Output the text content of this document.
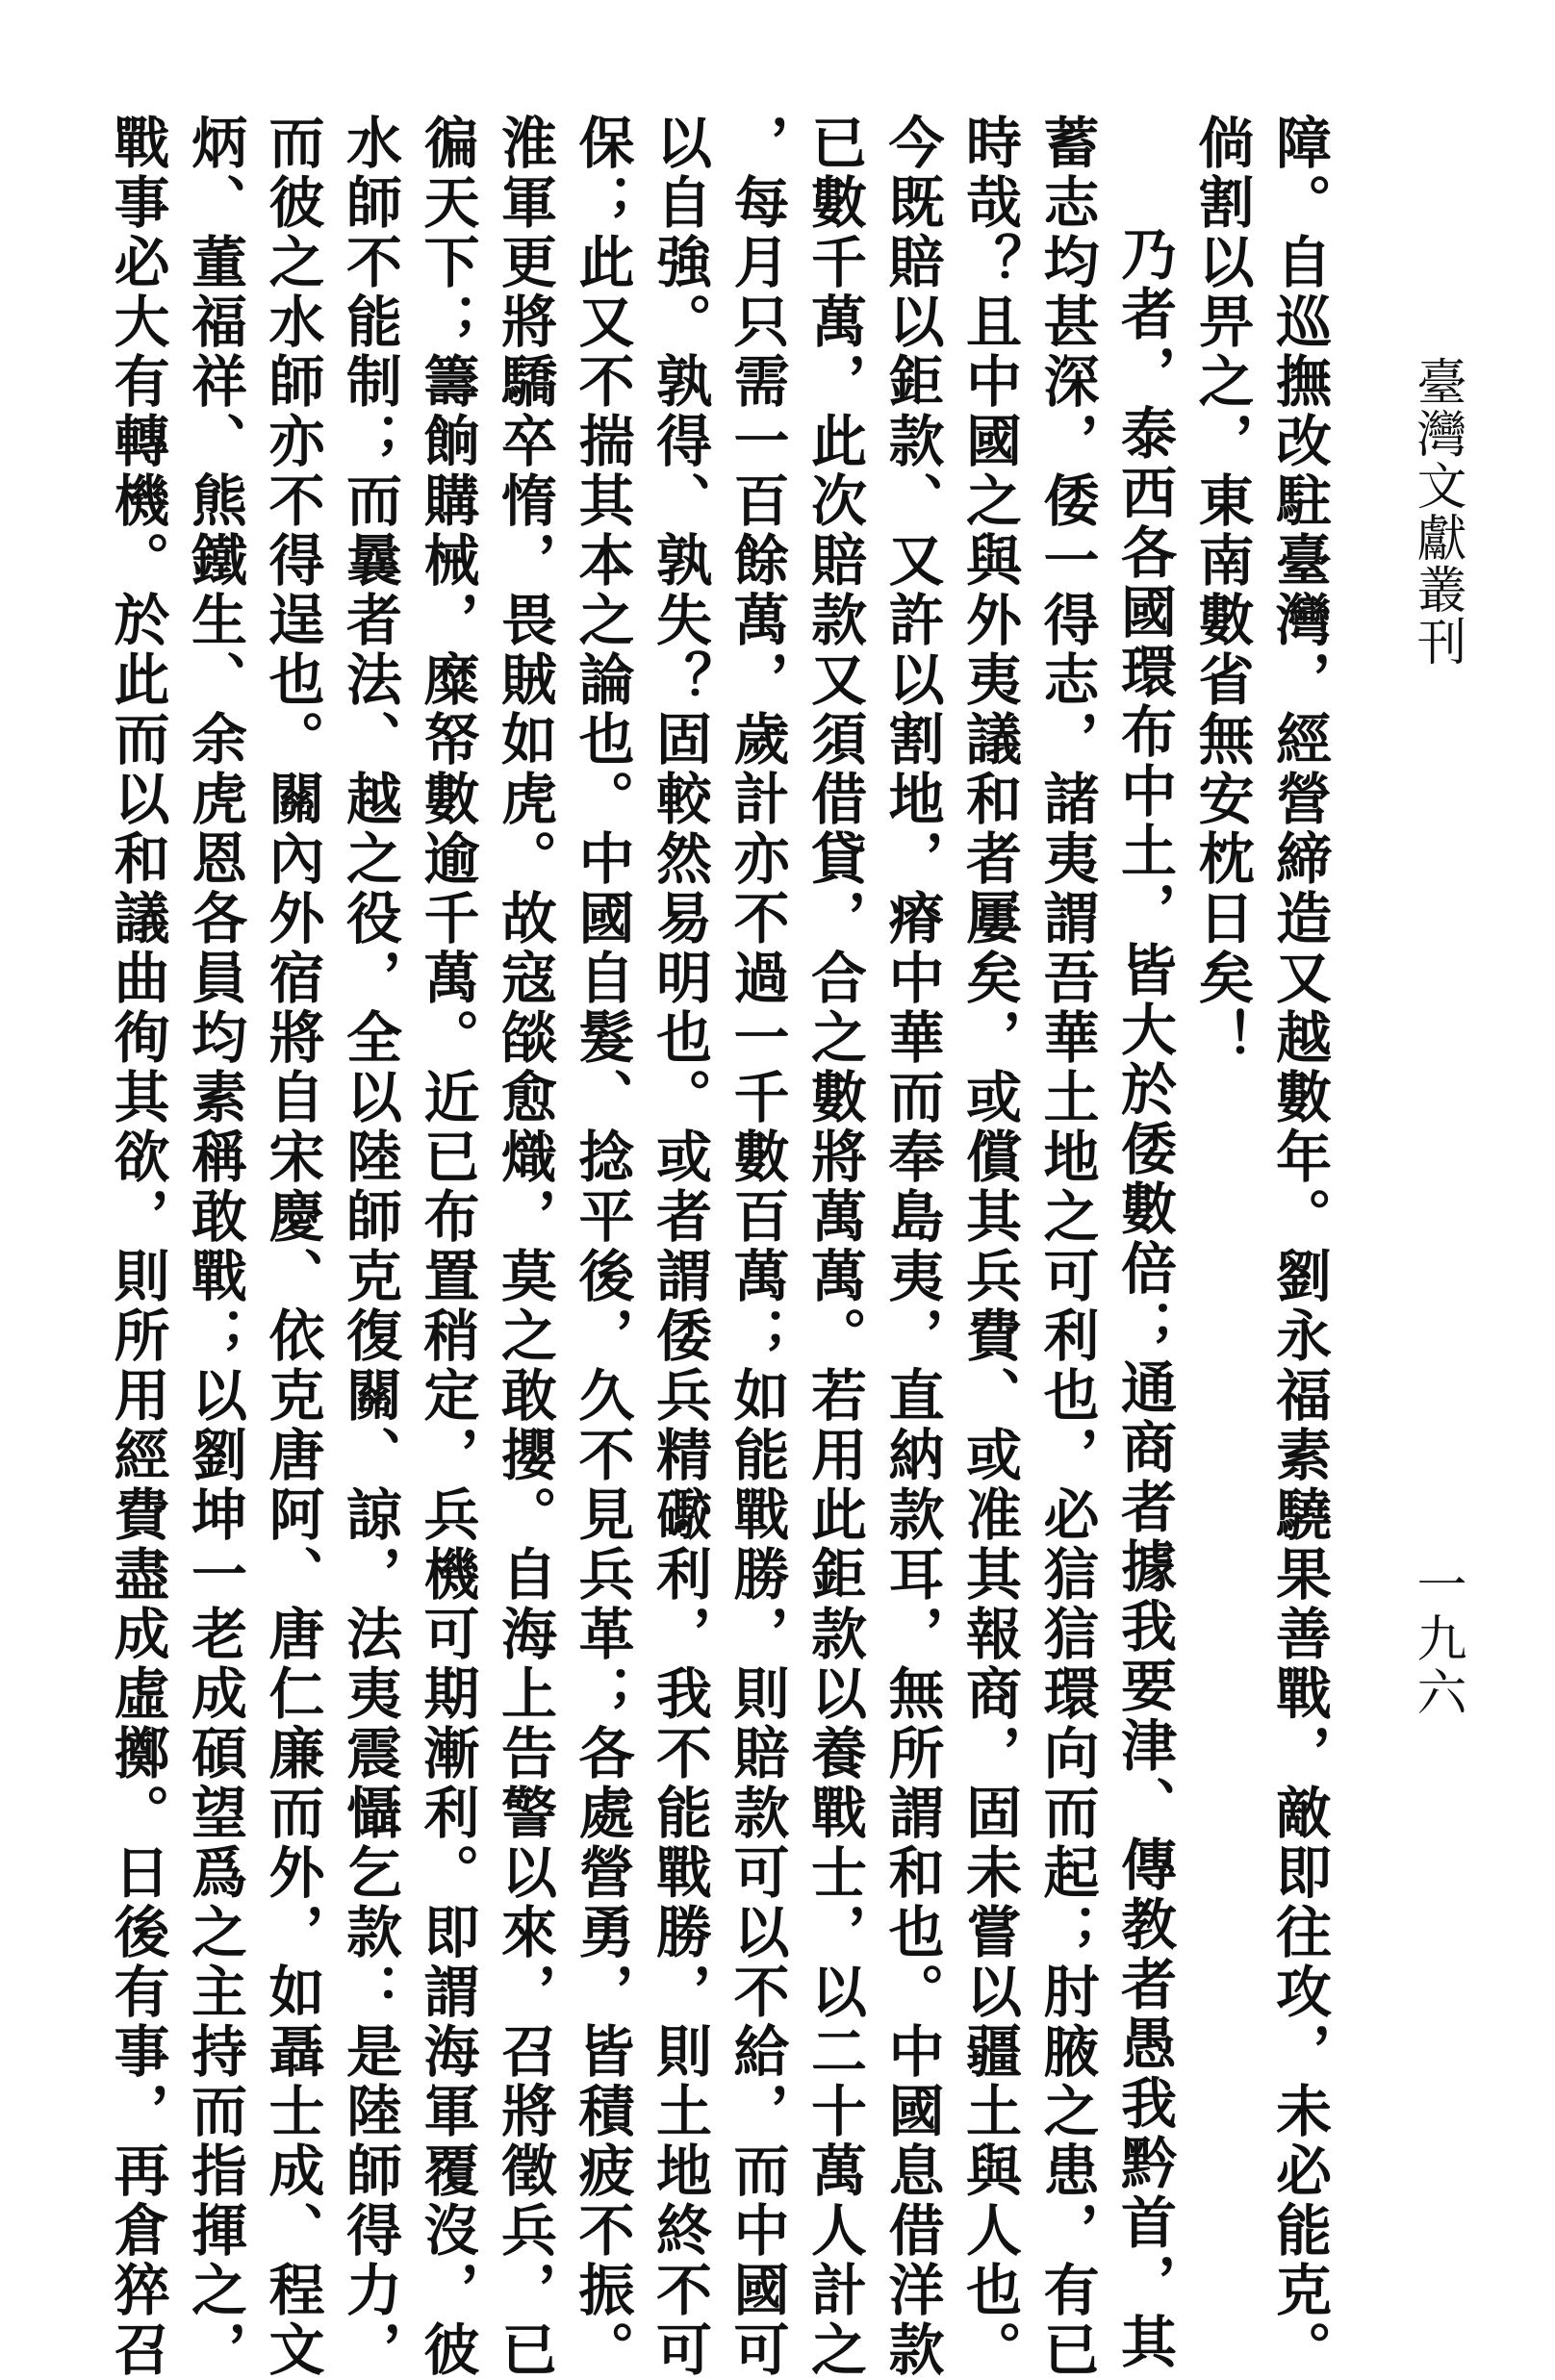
臺灣文獻叢刊
一九六
障。自巡撫改駐臺灣，經營締造又越數年。劉永福素驍果善戰，敵即往攻，未必能克。
倘割以畀之，東南數省無安枕日矣！
乃者，泰西各國環布中土，皆大於倭數倍；通商者據我要津、傳教者愚我黔首，其
蓄志均甚深，倭一得志，諸夷謂吾華土地之可利也，必狺狺環向而起；肘腋之患，有已
時哉？且中國之與外夷議和者屢矣，或償其兵費、或准其報商，固未嘗以疆土與人也。
今既賠以鉅款、又許以割地，瘠中華而奉島夷，直納款耳，無所謂和也。中國息借洋款
已數千萬，此次賠款又須借貸，合之數將萬萬。若用此鉅款以養戰士，以二十萬人計之
，每月只需一百餘萬，歲計亦不過一千數百萬；如能戰勝，則賠款可以不給，而中國可
以自強。孰得、孰失？固較然易明也。或者謂倭兵精礮利，我不能戰勝，則土地終不可
保；此又不揣其本之論也。中國自髮、捻平後，久不見兵革；各處營勇，皆積疲不振。
淮軍更將驕卒惰，畏賊如虎。故寇燄愈熾，莫之敢攖。自海上告警以來，召將徵兵，已
徧天下；籌餉購械，糜帑數逾千萬。近已布置稍定，兵機可期漸利。即謂海軍覆沒，彼
水師不能制；而曩者法、越之役，全以陸師克復關、諒，法夷震懾乞款：是陸師得力，
而彼之水師亦不得逞也。關內外宿將自宋慶、依克唐阿、唐仁廉而外，如聶士成、程文
炳、董福祥、熊鐵生、余虎恩各員均素稱敢戰；以劉坤一老成碩望爲之主持而指揮之，
戰事必大有轉機。於此而以和議曲徇其欲，則所用經費盡成虛擲。日後有事，再倉猝召
